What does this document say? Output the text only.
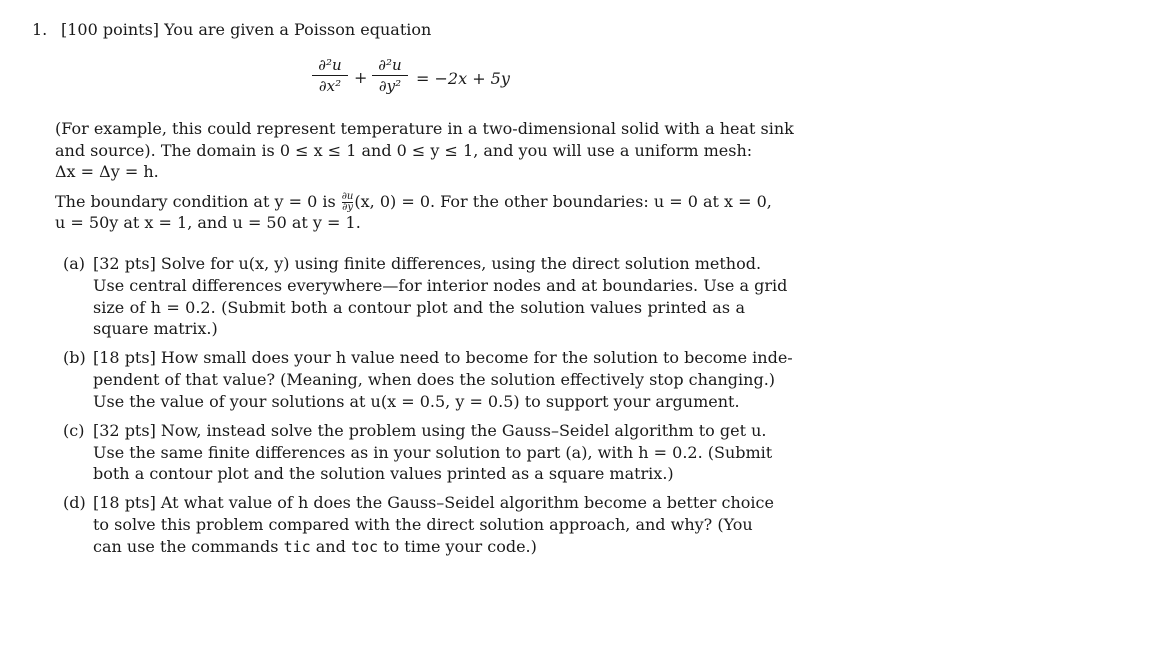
1. [100 points] You are given a Poisson equation
∂²u
∂x² +
∂²u
∂y² = −2x + 5y
(For example, this could represent temperature in a two-dimensional solid with a heat sink
and source). The domain is 0 ≤ x ≤ 1 and 0 ≤ y ≤ 1, and you will use a uniform mesh:
Δx = Δy = h.
The boundary condition at y = 0 is $\frac{\partial u}{\partial y} (x$, 0) = 0. For the other boundaries: u = 0 at x = 0,
u = 50y at x = 1, and u = 50 at y = 1.
(a) [32 pts] Solve for u(x, y) using finite differences, using the direct solution method.
Use central differences everywhere—for interior nodes and at boundaries. Use a grid
size of h = 0.2. (Submit both a contour plot and the solution values printed as a
square matrix.)
(b) [18 pts] How small does your h value need to become for the solution to become inde-
pendent of that value? (Meaning, when does the solution effectively stop changing.)
Use the value of your solutions at u(x = 0.5, y = 0.5) to support your argument.
(c) [32 pts] Now, instead solve the problem using the Gauss–Seidel algorithm to get u.
Use the same finite differences as in your solution to part (a), with h = 0.2. (Submit
both a contour plot and the solution values printed as a square matrix.)
(d) [18 pts] At what value of h does the Gauss–Seidel algorithm become a better choice
to solve this problem compared with the direct solution approach, and why? (You
can use the commands tic and toc to time your code.)
